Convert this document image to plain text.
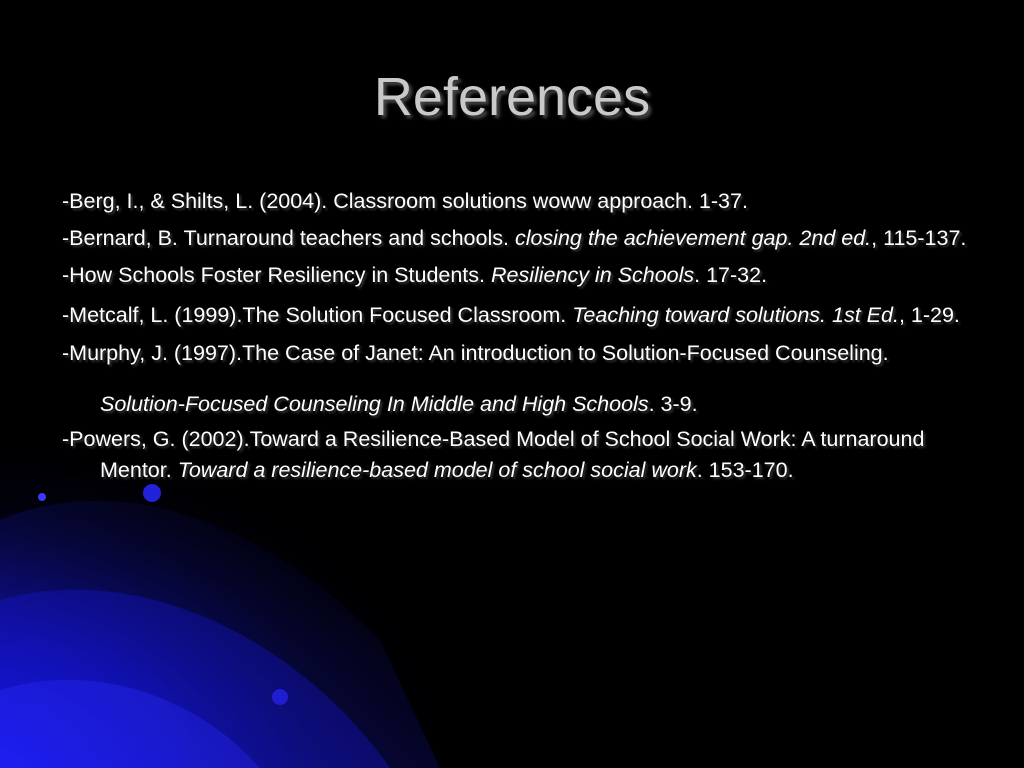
References
-Berg, I., & Shilts, L. (2004). Classroom solutions woww approach. 1-37.
-Bernard, B. Turnaround teachers and schools. closing the achievement gap. 2nd ed., 115-137.
-How Schools Foster Resiliency in Students. Resiliency in Schools. 17-32.
-Metcalf, L. (1999).The Solution Focused Classroom. Teaching toward solutions. 1st Ed., 1-29.
-Murphy, J. (1997).The Case of Janet: An introduction to Solution-Focused Counseling. Solution-Focused Counseling In Middle and High Schools. 3-9.
-Powers, G. (2002).Toward a Resilience-Based Model of School Social Work: A turnaround Mentor. Toward a resilience-based model of school social work. 153-170.
